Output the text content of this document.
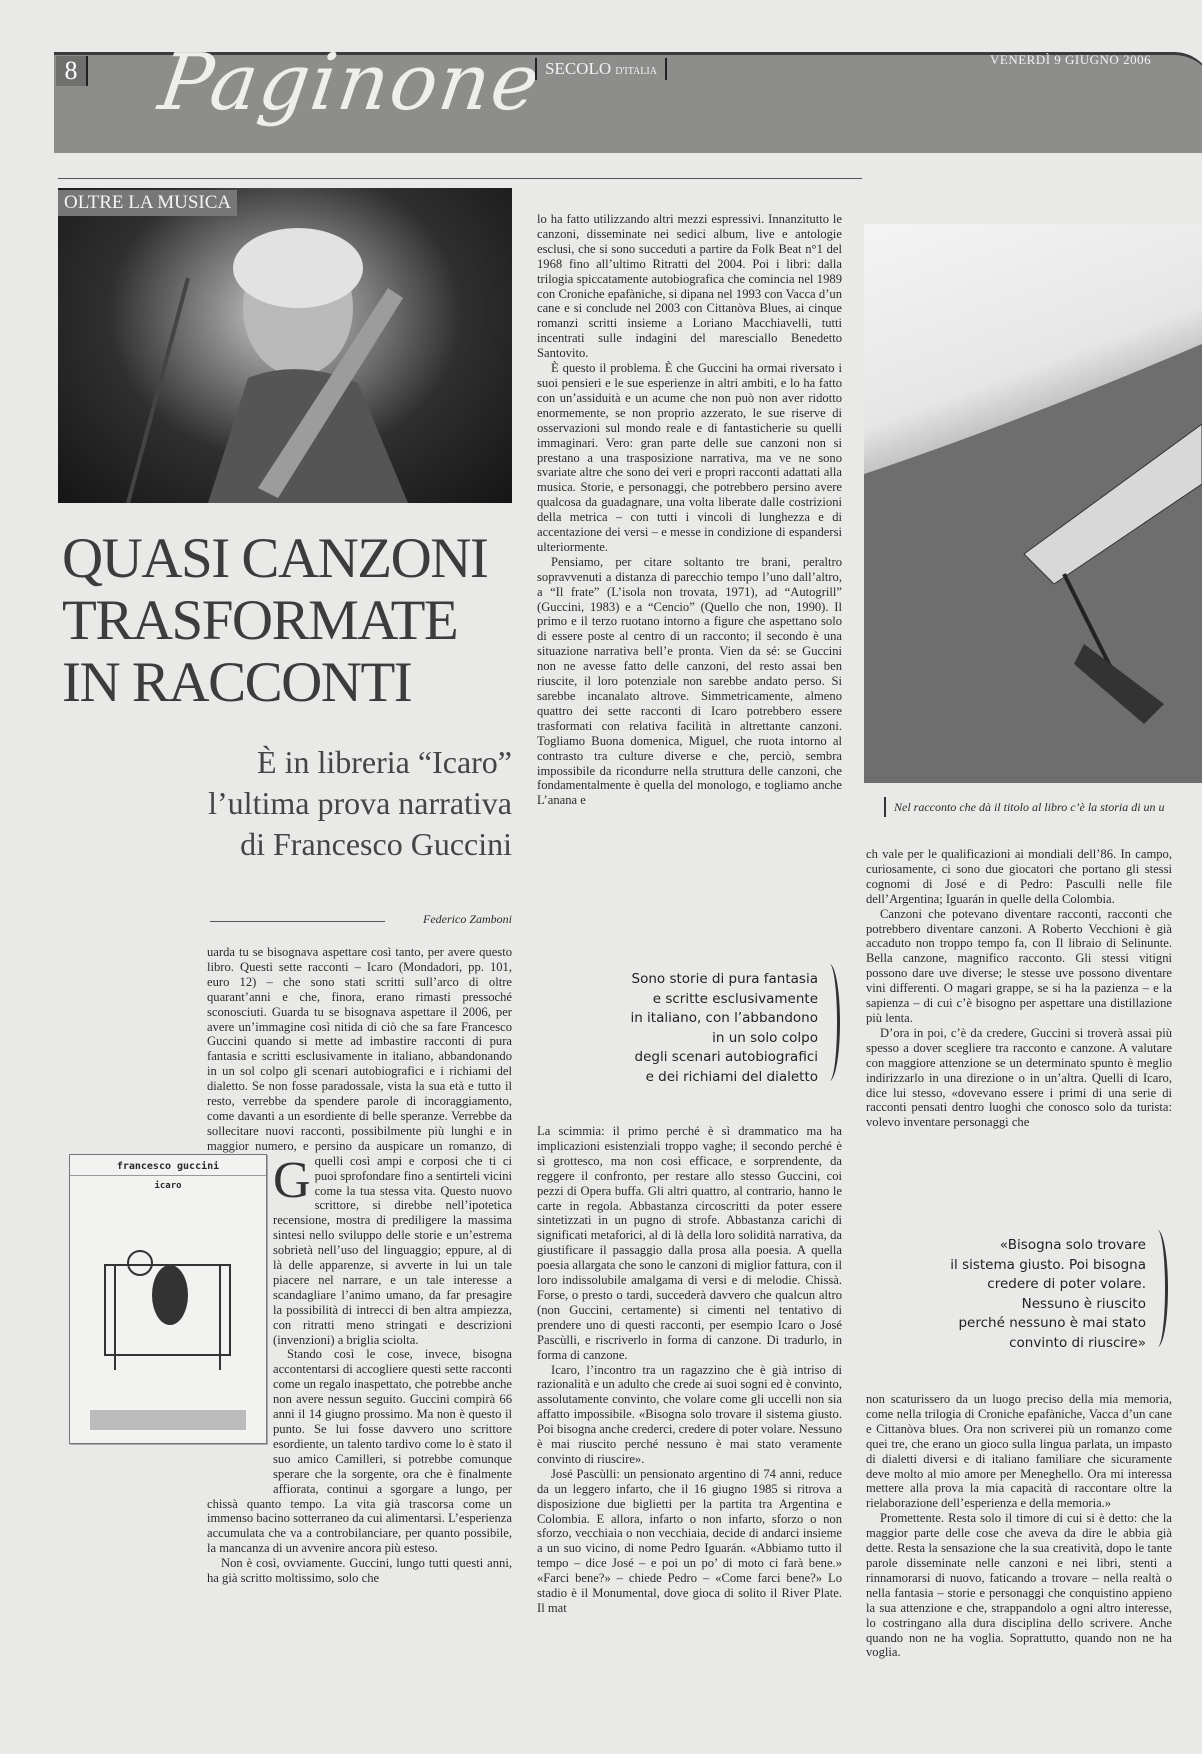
8 Paginone
SECOLO D'ITALIA
VENERDÌ 9 GIUGNO 2006
OLTRE LA MUSICA
QUASI CANZONI
TRASFORMATE
IN RACCONTI
È in libreria “Icaro”
l’ultima prova narrativa
di Francesco Guccini
Federico Zamboni

G
uarda tu se bisognava aspettare così tanto, per avere questo libro. Questi sette racconti – Icaro (Mondadori, pp. 101, euro 12) – che sono stati scritti sull’arco di oltre quarant’anni e che, finora, erano rimasti pressoché sconosciuti. Guarda tu se bisognava aspettare il 2006, per avere un’immagine così nitida di ciò che sa fare Francesco Guccini quando si mette ad imbastire racconti di pura fantasia e scritti esclusivamente in italiano, abbandonando in un sol colpo gli scenari autobiografici e i richiami del dialetto. Se non fosse paradossale, vista la sua età e tutto il resto, verrebbe da spendere parole di incoraggiamento, come davanti a un esordiente di belle speranze. Verrebbe da sollecitare nuovi racconti, possibilmente più lunghi e in maggior numero, e persino da auspicare un romanzo, di quelli così ampi e corposi che ti ci puoi sprofondare fino a sentirteli vicini come la tua stessa vita. Questo nuovo scrittore, si direbbe nell’ipotetica recensione, mostra di prediligere la massima sintesi nello sviluppo delle storie e un’estrema sobrietà nell’uso del linguaggio; eppure, al di là delle apparenze, si avverte in lui un tale piacere nel narrare, e un tale interesse a scandagliare l’animo umano, da far presagire la possibilità di intrecci di ben altra ampiezza, con ritratti meno stringati e descrizioni (invenzioni) a briglia sciolta.

Stando così le cose, invece, bisogna accontentarsi di accogliere questi sette racconti come un regalo inaspettato, che potrebbe anche non avere nessun seguito. Guccini compirà 66 anni il 14 giugno prossimo. Ma non è questo il punto. Se lui fosse davvero uno scrittore esordiente, un talento tardivo come lo è stato il suo amico Camilleri, si potrebbe comunque sperare che la sorgente, ora che è finalmente affiorata, continui a sgorgare a lungo, per chissà quanto tempo. La vita già trascorsa come un immenso bacino sotterraneo da cui alimentarsi. L’esperienza accumulata che va a controbilanciare, per quanto possibile, la mancanza di un avvenire ancora più esteso.

Non è così, ovviamente. Guccini, lungo tutti questi anni, ha già scritto moltissimo, solo che

francesco guccini
icaro

lo ha fatto utilizzando altri mezzi espressivi. Innanzitutto le canzoni, disseminate nei sedici album, live e antologie esclusi, che si sono succeduti a partire da Folk Beat n°1 del 1968 fino all’ultimo Ritratti del 2004. Poi i libri: dalla trilogia spiccatamente autobiografica che comincia nel 1989 con Croniche epafàniche, si dipana nel 1993 con Vacca d’un cane e si conclude nel 2003 con Cittanòva Blues, ai cinque romanzi scritti insieme a Loriano Macchiavelli, tutti incentrati sulle indagini del maresciallo Benedetto Santovito.

È questo il problema. È che Guccini ha ormai riversato i suoi pensieri e le sue esperienze in altri ambiti, e lo ha fatto con un’assiduità e un acume che non può non aver ridotto enormemente, se non proprio azzerato, le sue riserve di osservazioni sul mondo reale e di fantasticherie su quelli immaginari. Vero: gran parte delle sue canzoni non si prestano a una trasposizione narrativa, ma ve ne sono svariate altre che sono dei veri e propri racconti adattati alla musica. Storie, e personaggi, che potrebbero persino avere qualcosa da guadagnare, una volta liberate dalle costrizioni della metrica – con tutti i vincoli di lunghezza e di accentazione dei versi – e messe in condizione di espandersi ulteriormente.

Pensiamo, per citare soltanto tre brani, peraltro sopravvenuti a distanza di parecchio tempo l’uno dall’altro, a “Il frate” (L’isola non trovata, 1971), ad “Autogrill” (Guccini, 1983) e a “Cencio” (Quello che non, 1990). Il primo e il terzo ruotano intorno a figure che aspettano solo di essere poste al centro di un racconto; il secondo è una situazione narrativa bell’e pronta. Vien da sé: se Guccini non ne avesse fatto delle canzoni, del resto assai ben riuscite, il loro potenziale non sarebbe andato perso. Si sarebbe incanalato altrove. Simmetricamente, almeno quattro dei sette racconti di Icaro potrebbero essere trasformati con relativa facilità in altrettante canzoni. Togliamo Buona domenica, Miguel, che ruota intorno al contrasto tra culture diverse e che, perciò, sembra impossibile da ricondurre nella struttura delle canzoni, che fondamentalmente è quella del monologo, e togliamo anche L’anana e

Sono storie di pura fantasia
e scritte esclusivamente
in italiano, con l’abbandono
in un solo colpo
degli scenari autobiografici
e dei richiami del dialetto

La scimmia: il primo perché è sì drammatico ma ha implicazioni esistenziali troppo vaghe; il secondo perché è sì grottesco, ma non così efficace, e sorprendente, da reggere il confronto, per restare allo stesso Guccini, coi pezzi di Opera buffa. Gli altri quattro, al contrario, hanno le carte in regola. Abbastanza circoscritti da poter essere sintetizzati in un pugno di strofe. Abbastanza carichi di significati metaforici, al di là della loro solidità narrativa, da giustificare il passaggio dalla prosa alla poesia. A quella poesia allargata che sono le canzoni di miglior fattura, con il loro indissolubile amalgama di versi e di melodie. Chissà. Forse, o presto o tardi, succederà davvero che qualcun altro (non Guccini, certamente) si cimenti nel tentativo di prendere uno di questi racconti, per esempio Icaro o José Pascùlli, e riscriverlo in forma di canzone. Di tradurlo, in forma di canzone.

Icaro, l’incontro tra un ragazzino che è già intriso di razionalità e un adulto che crede ai suoi sogni ed è convinto, assolutamente convinto, che volare come gli uccelli non sia affatto impossibile. «Bisogna solo trovare il sistema giusto. Poi bisogna anche crederci, credere di poter volare. Nessuno è mai riuscito perché nessuno è mai stato veramente convinto di riuscire».

José Pascùlli: un pensionato argentino di 74 anni, reduce da un leggero infarto, che il 16 giugno 1985 si ritrova a disposizione due biglietti per la partita tra Argentina e Colombia. E allora, infarto o non infarto, sforzo o non sforzo, vecchiaia o non vecchiaia, decide di andarci insieme a un suo vicino, di nome Pedro Iguarán. «Abbiamo tutto il tempo – dice José – e poi un po’ di moto ci farà bene.» «Farci bene?» – chiede Pedro – «Come farci bene?» Lo stadio è il Monumental, dove gioca di solito il River Plate. Il mat

Nel racconto che dà il titolo al libro c’è la storia di un u

ch vale per le qualificazioni ai mondiali dell’86. In campo, curiosamente, ci sono due giocatori che portano gli stessi cognomi di José e di Pedro: Pasculli nelle file dell’Argentina; Iguarán in quelle della Colombia.

Canzoni che potevano diventare racconti, racconti che potrebbero diventare canzoni. A Roberto Vecchioni è già accaduto non troppo tempo fa, con Il libraio di Selinunte. Bella canzone, magnifico racconto. Gli stessi vitigni possono dare uve diverse; le stesse uve possono diventare vini differenti. O magari grappe, se si ha la pazienza – e la sapienza – di cui c’è bisogno per aspettare una distillazione più lenta.

D’ora in poi, c’è da credere, Guccini si troverà assai più spesso a dover scegliere tra racconto e canzone. A valutare con maggiore attenzione se un determinato spunto è meglio indirizzarlo in una direzione o in un’altra. Quelli di Icaro, dice lui stesso, «dovevano essere i primi di una serie di racconti pensati dentro luoghi che conosco solo da turista: volevo inventare personaggi che

«Bisogna solo trovare
il sistema giusto. Poi bisogna
credere di poter volare.
Nessuno è riuscito
perché nessuno è mai stato
convinto di riuscire»

non scaturissero da un luogo preciso della mia memoria, come nella trilogia di Croniche epafàniche, Vacca d’un cane e Cittanòva blues. Ora non scriverei più un romanzo come quei tre, che erano un gioco sulla lingua parlata, un impasto di dialetti diversi e di italiano familiare che sicuramente deve molto al mio amore per Meneghello. Ora mi interessa mettere alla prova la mia capacità di raccontare oltre la rielaborazione dell’esperienza e della memoria.»

Promettente. Resta solo il timore di cui si è detto: che la maggior parte delle cose che aveva da dire le abbia già dette. Resta la sensazione che la sua creatività, dopo le tante parole disseminate nelle canzoni e nei libri, stenti a rinnamorarsi di nuovo, faticando a trovare – nella realtà o nella fantasia – storie e personaggi che conquistino appieno la sua attenzione e che, strappandolo a ogni altro interesse, lo costringano alla dura disciplina dello scrivere. Anche quando non ne ha voglia. Soprattutto, quando non ne ha voglia.
